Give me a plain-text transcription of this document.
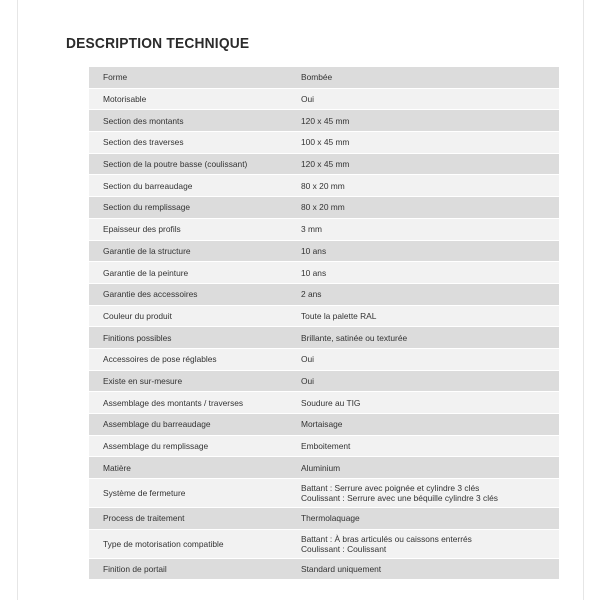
DESCRIPTION TECHNIQUE
Forme	Bombée
Motorisable	Oui
Section des montants	120 x 45 mm
Section des traverses	100 x 45 mm
Section de la poutre basse (coulissant)	120 x 45 mm
Section du barreaudage	80 x 20 mm
Section du remplissage	80 x 20 mm
Epaisseur des profils	3 mm
Garantie de la structure	10 ans
Garantie de la peinture	10 ans
Garantie des accessoires	2 ans
Couleur du produit	Toute la palette RAL
Finitions possibles	Brillante, satinée ou texturée
Accessoires de pose réglables	Oui
Existe en sur-mesure	Oui
Assemblage des montants / traverses	Soudure au TIG
Assemblage du barreaudage	Mortaisage
Assemblage du remplissage	Emboitement
Matière	Aluminium
Système de fermeture	Battant : Serrure avec poignée et cylindre 3 clés
Coulissant : Serrure avec une béquille cylindre 3 clés
Process de traitement	Thermolaquage
Type de motorisation compatible	Battant : À bras articulés ou caissons enterrés
Coulissant : Coulissant
Finition de portail	Standard uniquement
